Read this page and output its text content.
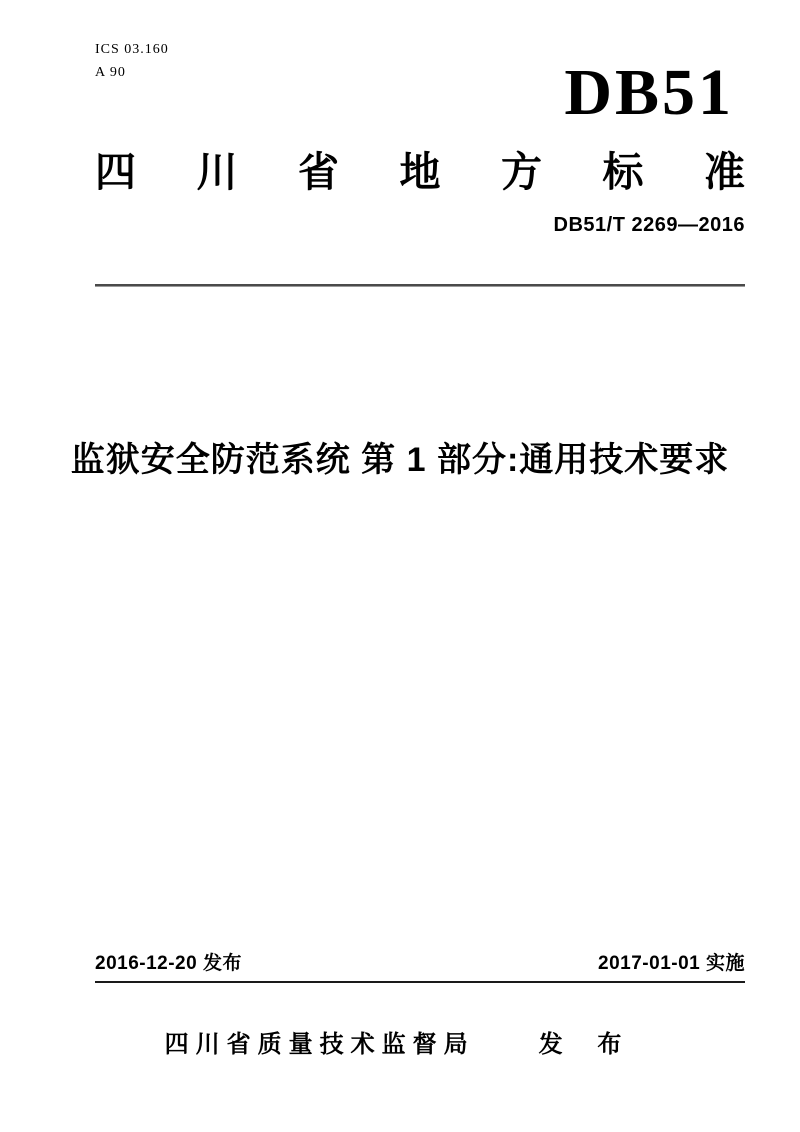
ICS 03.160
A 90	DB51
四 川 省 地 方 标 准
DB51/T 2269—2016
监狱安全防范系统 第 1 部分:通用技术要求
2016-12-20 发布	2017-01-01 实施
四川省质量技术监督局	发 布
